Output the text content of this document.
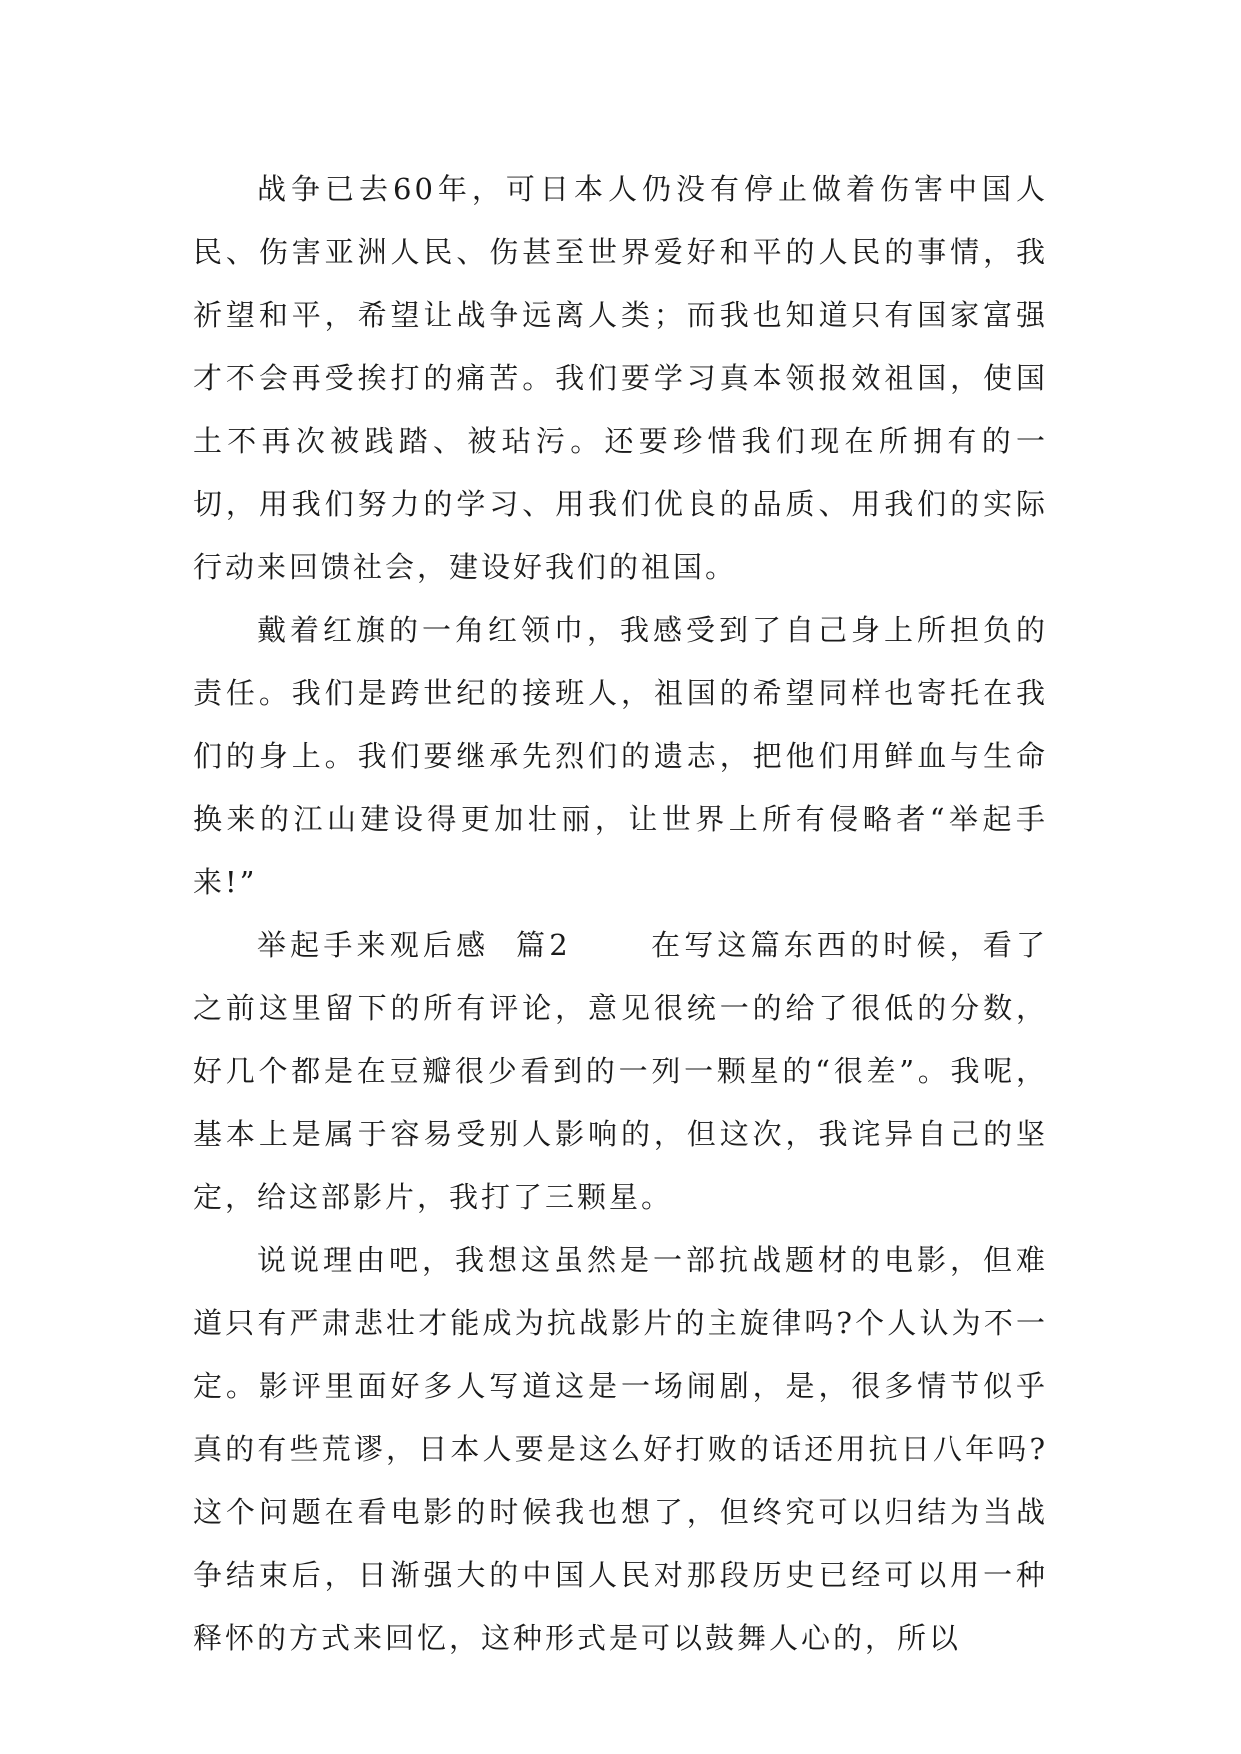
战争已去60年，可日本人仍没有停止做着伤害中国人民、伤害亚洲人民、伤甚至世界爱好和平的人民的事情，我祈望和平，希望让战争远离人类；而我也知道只有国家富强才不会再受挨打的痛苦。我们要学习真本领报效祖国，使国土不再次被践踏、被玷污。还要珍惜我们现在所拥有的一切，用我们努力的学习、用我们优良的品质、用我们的实际行动来回馈社会，建设好我们的祖国。

戴着红旗的一角红领巾，我感受到了自己身上所担负的责任。我们是跨世纪的接班人，祖国的希望同样也寄托在我们的身上。我们要继承先烈们的遗志，把他们用鲜血与生命换来的江山建设得更加壮丽，让世界上所有侵略者“举起手来!”

举起手来观后感  篇2      在写这篇东西的时候，看了之前这里留下的所有评论，意见很统一的给了很低的分数，好几个都是在豆瓣很少看到的一列一颗星的“很差”。我呢，基本上是属于容易受别人影响的，但这次，我诧异自己的坚定，给这部影片，我打了三颗星。

说说理由吧，我想这虽然是一部抗战题材的电影，但难道只有严肃悲壮才能成为抗战影片的主旋律吗?个人认为不一定。影评里面好多人写道这是一场闹剧，是，很多情节似乎真的有些荒谬，日本人要是这么好打败的话还用抗日八年吗?这个问题在看电影的时候我也想了，但终究可以归结为当战争结束后，日渐强大的中国人民对那段历史已经可以用一种释怀的方式来回忆，这种形式是可以鼓舞人心的，所以
